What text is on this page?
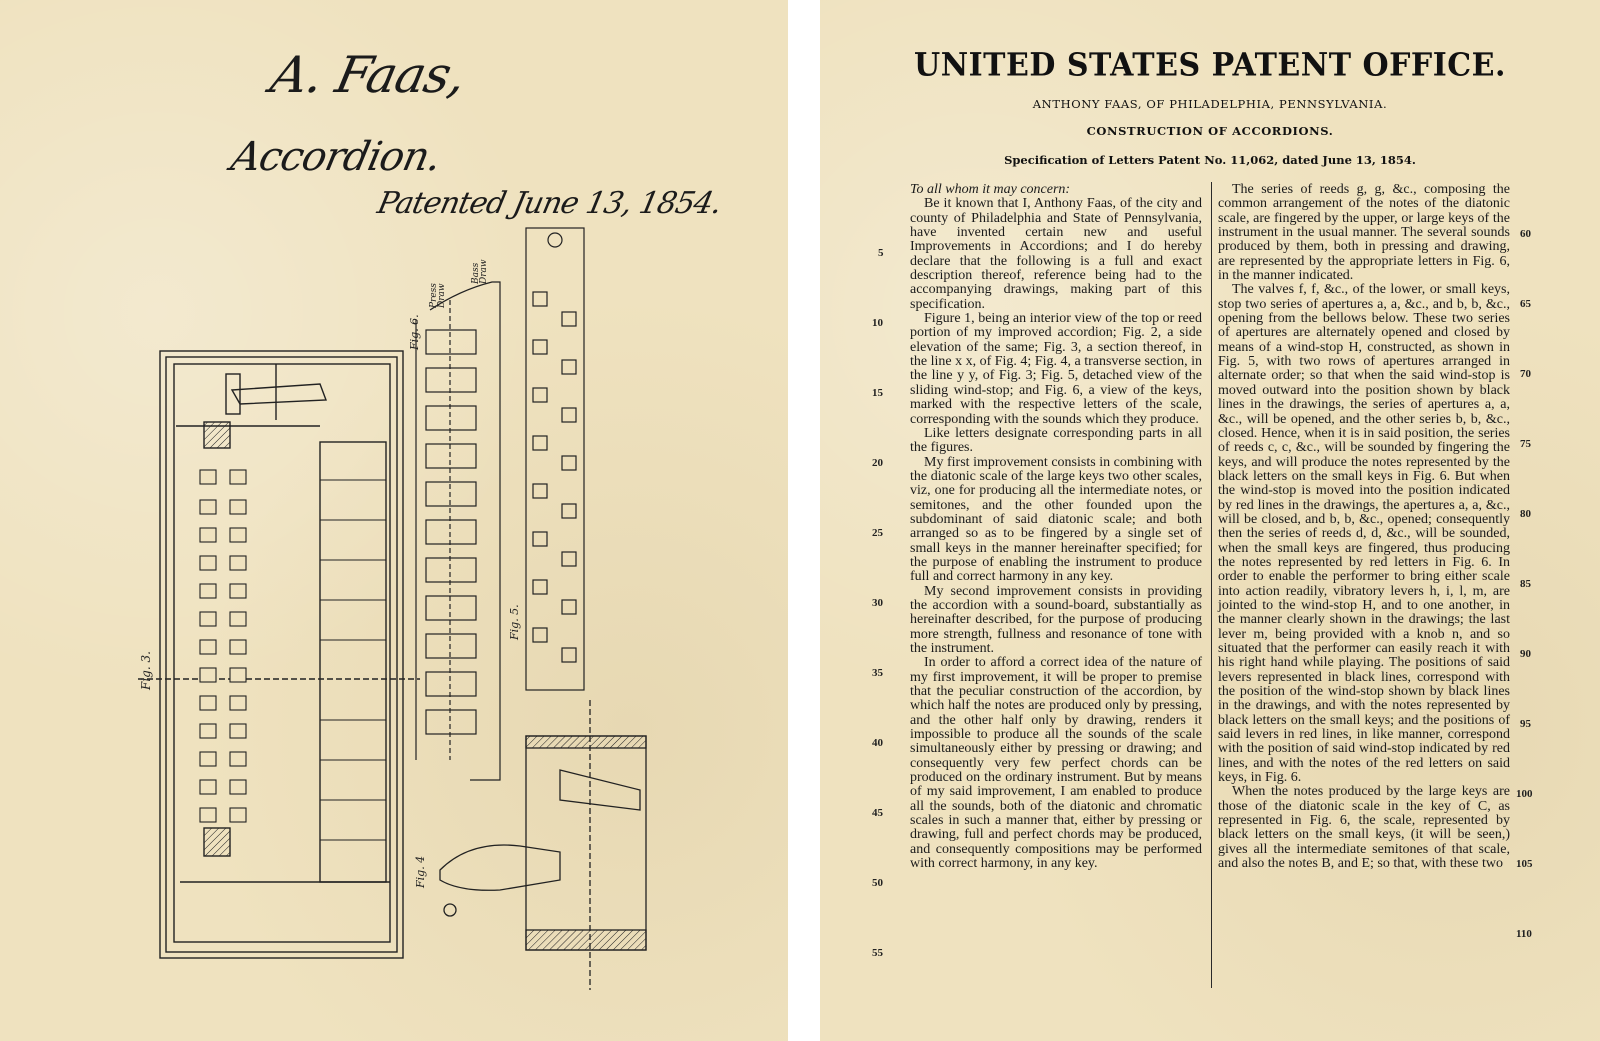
A. Faas,
Accordion.
Patented June 13, 1854.
Fig. 3.
Fig. 4
Fig. 5.
Fig. 6.
Press
Draw
Bass
Draw
UNITED STATES PATENT OFFICE.
ANTHONY FAAS, OF PHILADELPHIA, PENNSYLVANIA.
CONSTRUCTION OF ACCORDIONS.
Specification of Letters Patent No. 11,062, dated June 13, 1854.

To all whom it may concern:

Be it known that I, Anthony Faas, of the city and county of Philadelphia and State of Pennsylvania, have invented certain new and useful Improvements in Accordions; and I do hereby declare that the following is a full and exact description thereof, reference being had to the accompanying drawings, making part of this specification.

Figure 1, being an interior view of the top or reed portion of my improved accordion; Fig. 2, a side elevation of the same; Fig. 3, a section thereof, in the line x x, of Fig. 4; Fig. 4, a transverse section, in the line y y, of Fig. 3; Fig. 5, detached view of the sliding wind-stop; and Fig. 6, a view of the keys, marked with the respective letters of the scale, corresponding with the sounds which they produce.

Like letters designate corresponding parts in all the figures.

My first improvement consists in combining with the diatonic scale of the large keys two other scales, viz, one for producing all the intermediate notes, or semitones, and the other founded upon the subdominant of said diatonic scale; and both arranged so as to be fingered by a single set of small keys in the manner hereinafter specified; for the purpose of enabling the instrument to produce full and correct harmony in any key.

My second improvement consists in providing the accordion with a sound-board, substantially as hereinafter described, for the purpose of producing more strength, fullness and resonance of tone with the instrument.

In order to afford a correct idea of the nature of my first improvement, it will be proper to premise that the peculiar construction of the accordion, by which half the notes are produced only by pressing, and the other half only by drawing, renders it impossible to produce all the sounds of the scale simultaneously either by pressing or drawing; and consequently very few perfect chords can be produced on the ordinary instrument. But by means of my said improvement, I am enabled to produce all the sounds, both of the diatonic and chromatic scales in such a manner that, either by pressing or drawing, full and perfect chords may be produced, and consequently compositions may be performed with correct harmony, in any key.

The series of reeds g, g, &c., composing the common arrangement of the notes of the diatonic scale, are fingered by the upper, or large keys of the instrument in the usual manner. The several sounds produced by them, both in pressing and drawing, are represented by the appropriate letters in Fig. 6, in the manner indicated.

The valves f, f, &c., of the lower, or small keys, stop two series of apertures a, a, &c., and b, b, &c., opening from the bellows below. These two series of apertures are alternately opened and closed by means of a wind-stop H, constructed, as shown in Fig. 5, with two rows of apertures arranged in alternate order; so that when the said wind-stop is moved outward into the position shown by black lines in the drawings, the series of apertures a, a, &c., will be opened, and the other series b, b, &c., closed. Hence, when it is in said position, the series of reeds c, c, &c., will be sounded by fingering the keys, and will produce the notes represented by the black letters on the small keys in Fig. 6. But when the wind-stop is moved into the position indicated by red lines in the drawings, the apertures a, a, &c., will be closed, and b, b, &c., opened; consequently then the series of reeds d, d, &c., will be sounded, when the small keys are fingered, thus producing the notes represented by red letters in Fig. 6. In order to enable the performer to bring either scale into action readily, vibratory levers h, i, l, m, are jointed to the wind-stop H, and to one another, in the manner clearly shown in the drawings; the last lever m, being provided with a knob n, and so situated that the performer can easily reach it with his right hand while playing. The positions of said levers represented in black lines, correspond with the position of the wind-stop shown by black lines in the drawings, and with the notes represented by black letters on the small keys; and the positions of said levers in red lines, in like manner, correspond with the position of said wind-stop indicated by red lines, and with the notes of the red letters on said keys, in Fig. 6.

When the notes produced by the large keys are those of the diatonic scale in the key of C, as represented in Fig. 6, the scale, represented by black letters on the small keys, (it will be seen,) gives all the intermediate semitones of that scale, and also the notes B, and E; so that, with these two

5
10
15
20
25
30
35
40
45
50
55
60
65
70
75
80
85
90
95
100
105
110
